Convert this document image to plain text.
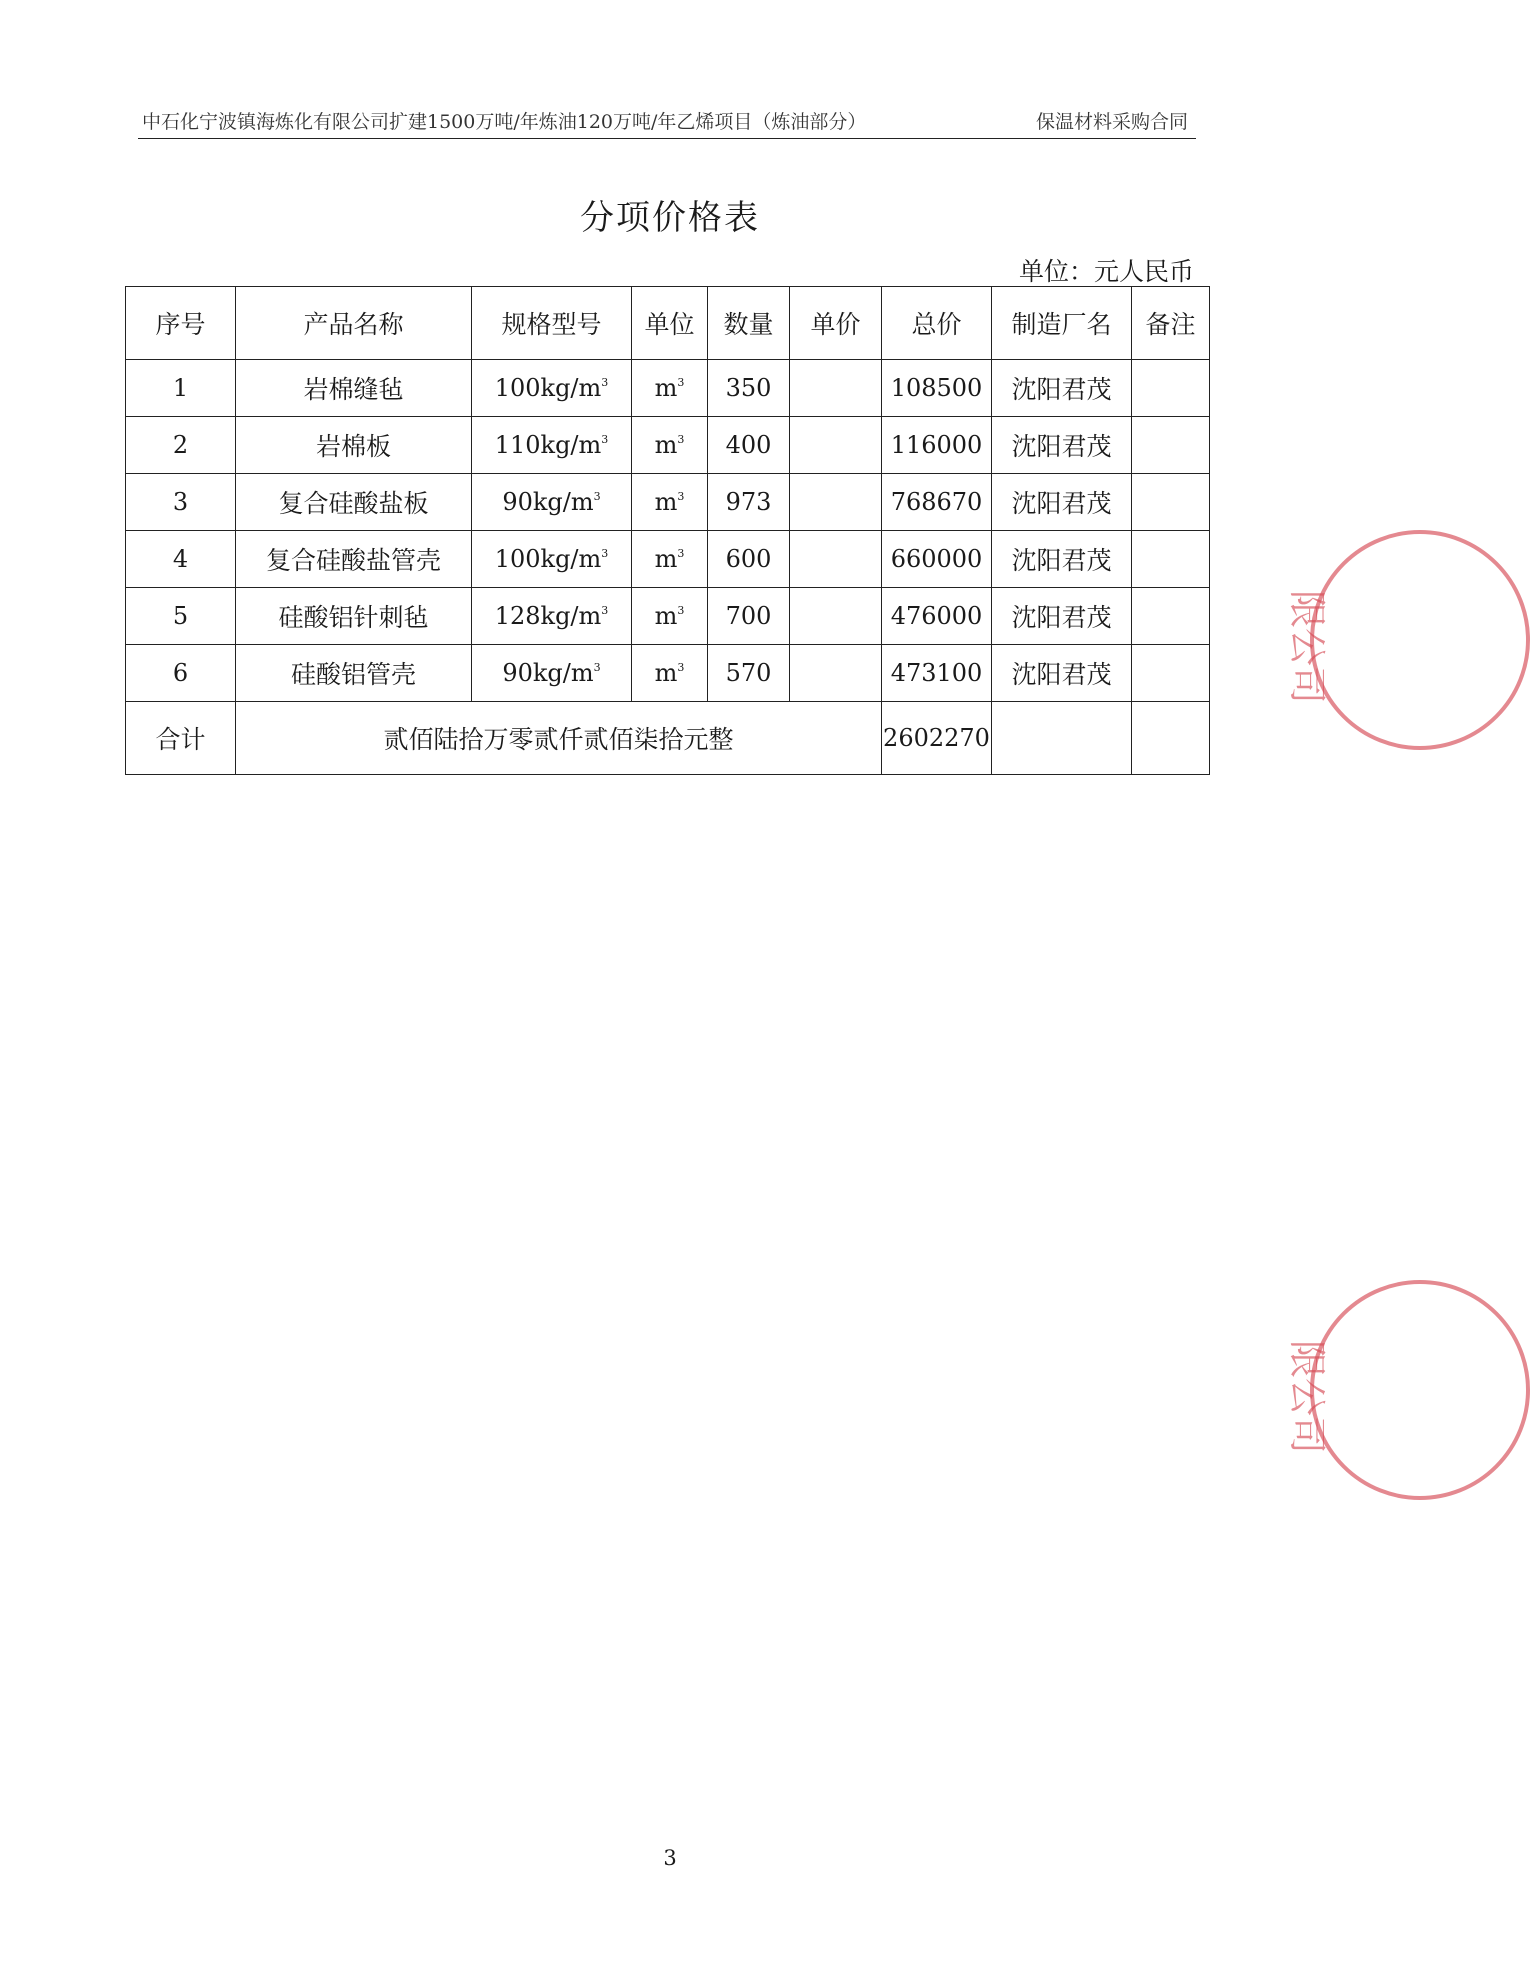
中石化宁波镇海炼化有限公司扩建1500万吨/年炼油120万吨/年乙烯项目（炼油部分）	保温材料采购合同
分项价格表
单位：元人民币
序号	产品名称	规格型号	单位	数量	单价	总价	制造厂名	备注
1	岩棉缝毡	$100kg/m^3$	$m^3$	350		108500	沈阳君茂	
2	岩棉板	$110kg/m^3$	$m^3$	400		116000	沈阳君茂	
3	复合硅酸盐板	$90kg/m^3$	$m^3$	973		768670	沈阳君茂	
4	复合硅酸盐管壳	$100kg/m^3$	$m^3$	600		660000	沈阳君茂	
5	硅酸铝针刺毡	$128kg/m^3$	$m^3$	700		476000	沈阳君茂	
6	硅酸铝管壳	$90kg/m^3$	$m^3$	570		473100	沈阳君茂	
合计	贰佰陆拾万零贰仟贰佰柒拾元整					2602270		
3
限公司
限公司
